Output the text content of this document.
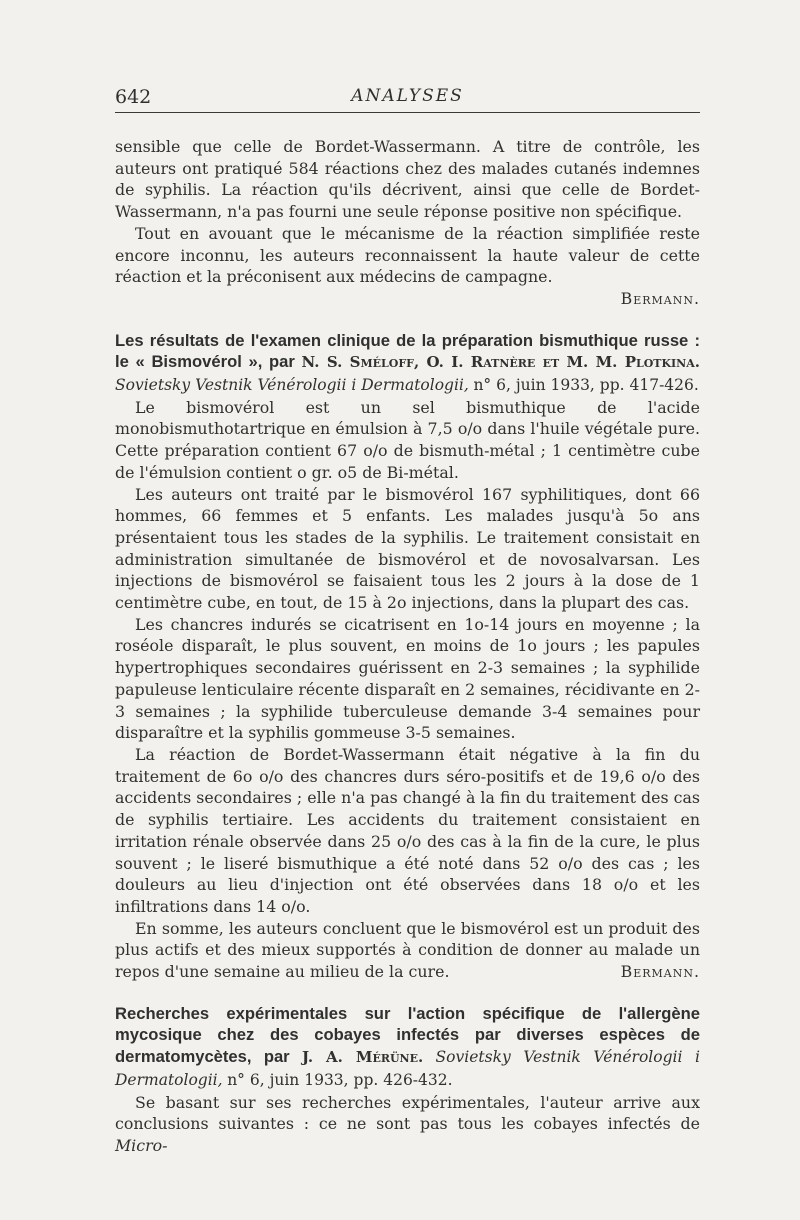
642	ANALYSES

sensible que celle de Bordet-Wassermann. A titre de contrôle, les auteurs ont pratiqué 584 réactions chez des malades cutanés indemnes de syphilis. La réaction qu'ils décrivent, ainsi que celle de Bordet-Wassermann, n'a pas fourni une seule réponse positive non spécifique.

Tout en avouant que le mécanisme de la réaction simplifiée reste encore inconnu, les auteurs reconnaissent la haute valeur de cette réaction et la préconisent aux médecins de campagne.

Bermann.

Les résultats de l'examen clinique de la préparation bismuthique russe : le « Bismovérol », par N. S. Sméloff, O. I. Ratnère et M. M. Plotkina. Sovietsky Vestnik Vénérologii i Dermatologii, n° 6, juin 1933, pp. 417-426.

Le bismovérol est un sel bismuthique de l'acide monobismuthotartrique en émulsion à 7,5 o/o dans l'huile végétale pure. Cette préparation contient 67 o/o de bismuth-métal ; 1 centimètre cube de l'émulsion contient o gr. o5 de Bi-métal.

Les auteurs ont traité par le bismovérol 167 syphilitiques, dont 66 hommes, 66 femmes et 5 enfants. Les malades jusqu'à 5o ans présentaient tous les stades de la syphilis. Le traitement consistait en administration simultanée de bismovérol et de novosalvarsan. Les injections de bismovérol se faisaient tous les 2 jours à la dose de 1 centimètre cube, en tout, de 15 à 2o injections, dans la plupart des cas.

Les chancres indurés se cicatrisent en 1o-14 jours en moyenne ; la roséole disparaît, le plus souvent, en moins de 1o jours ; les papules hypertrophiques secondaires guérissent en 2-3 semaines ; la syphilide papuleuse lenticulaire récente disparaît en 2 semaines, récidivante en 2-3 semaines ; la syphilide tuberculeuse demande 3-4 semaines pour disparaître et la syphilis gommeuse 3-5 semaines.

La réaction de Bordet-Wassermann était négative à la fin du traitement de 6o o/o des chancres durs séro-positifs et de 19,6 o/o des accidents secondaires ; elle n'a pas changé à la fin du traitement des cas de syphilis tertiaire. Les accidents du traitement consistaient en irritation rénale observée dans 25 o/o des cas à la fin de la cure, le plus souvent ; le liseré bismuthique a été noté dans 52 o/o des cas ; les douleurs au lieu d'injection ont été observées dans 18 o/o et les infiltrations dans 14 o/o.

En somme, les auteurs concluent que le bismovérol est un produit des plus actifs et des mieux supportés à condition de donner au malade un repos d'une semaine au milieu de la cure.	Bermann.

Recherches expérimentales sur l'action spécifique de l'allergène mycosique chez des cobayes infectés par diverses espèces de dermatomycètes, par J. A. Mérüne. Sovietsky Vestnik Vénérologii i Dermatologii, n° 6, juin 1933, pp. 426-432.

Se basant sur ses recherches expérimentales, l'auteur arrive aux conclusions suivantes : ce ne sont pas tous les cobayes infectés de Micro-
